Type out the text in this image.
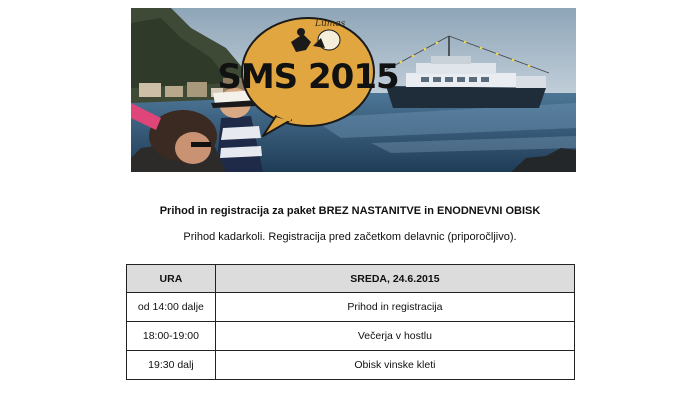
Lumes
SMS 2015
Prihod in registracija za paket BREZ NASTANITVE in ENODNEVNI OBISK
Prihod kadarkoli. Registracija pred začetkom delavnic (priporočljivo).
URA	SREDA, 24.6.2015
od 14:00 dalje	Prihod in registracija
18:00-19:00	Večerja v hostlu
19:30 dalj	Obisk vinske kleti
